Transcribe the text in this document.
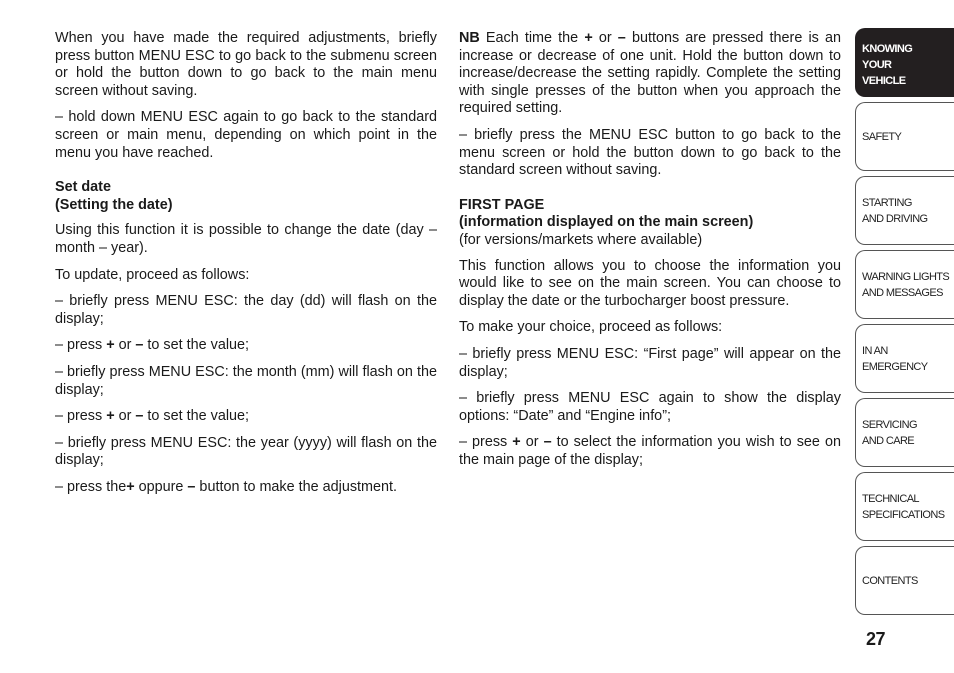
When you have made the required adjustments, briefly press button MENU ESC to go back to the submenu screen or hold the button down to go back to the main menu screen without saving.

– hold down MENU ESC again to go back to the standard screen or main menu, depending on which point in the menu you have reached.

Set date
(Setting the date)

Using this function it is possible to change the date (day – month – year).

To update, proceed as follows:

– briefly press MENU ESC: the day (dd) will flash on the display;

– press + or – to set the value;

– briefly press MENU ESC: the month (mm) will flash on the display;

– press + or – to set the value;

– briefly press MENU ESC: the year (yyyy) will flash on the display;

– press the+ oppure – button to make the adjustment.

NB Each time the + or – buttons are pressed there is an increase or decrease of one unit. Hold the button down to increase/decrease the setting rapidly. Complete the setting with single presses of the button when you approach the required setting.

– briefly press the MENU ESC button to go back to the menu screen or hold the button down to go back to the standard screen without saving.

FIRST PAGE
(information displayed on the main screen)
(for versions/markets where available)

This function allows you to choose the information you would like to see on the main screen. You can choose to display the date or the turbocharger boost pressure.

To make your choice, proceed as follows:

– briefly press MENU ESC: “First page” will appear on the display;

– briefly press MENU ESC again to show the display options: “Date” and “Engine info”;

– press + or – to select the information you wish to see on the main page of the display;

KNOWING
YOUR
VEHICLE
SAFETY
STARTING
AND DRIVING
WARNING LIGHTS
AND MESSAGES
IN AN
EMERGENCY
SERVICING
AND CARE
TECHNICAL
SPECIFICATIONS
CONTENTS
27
